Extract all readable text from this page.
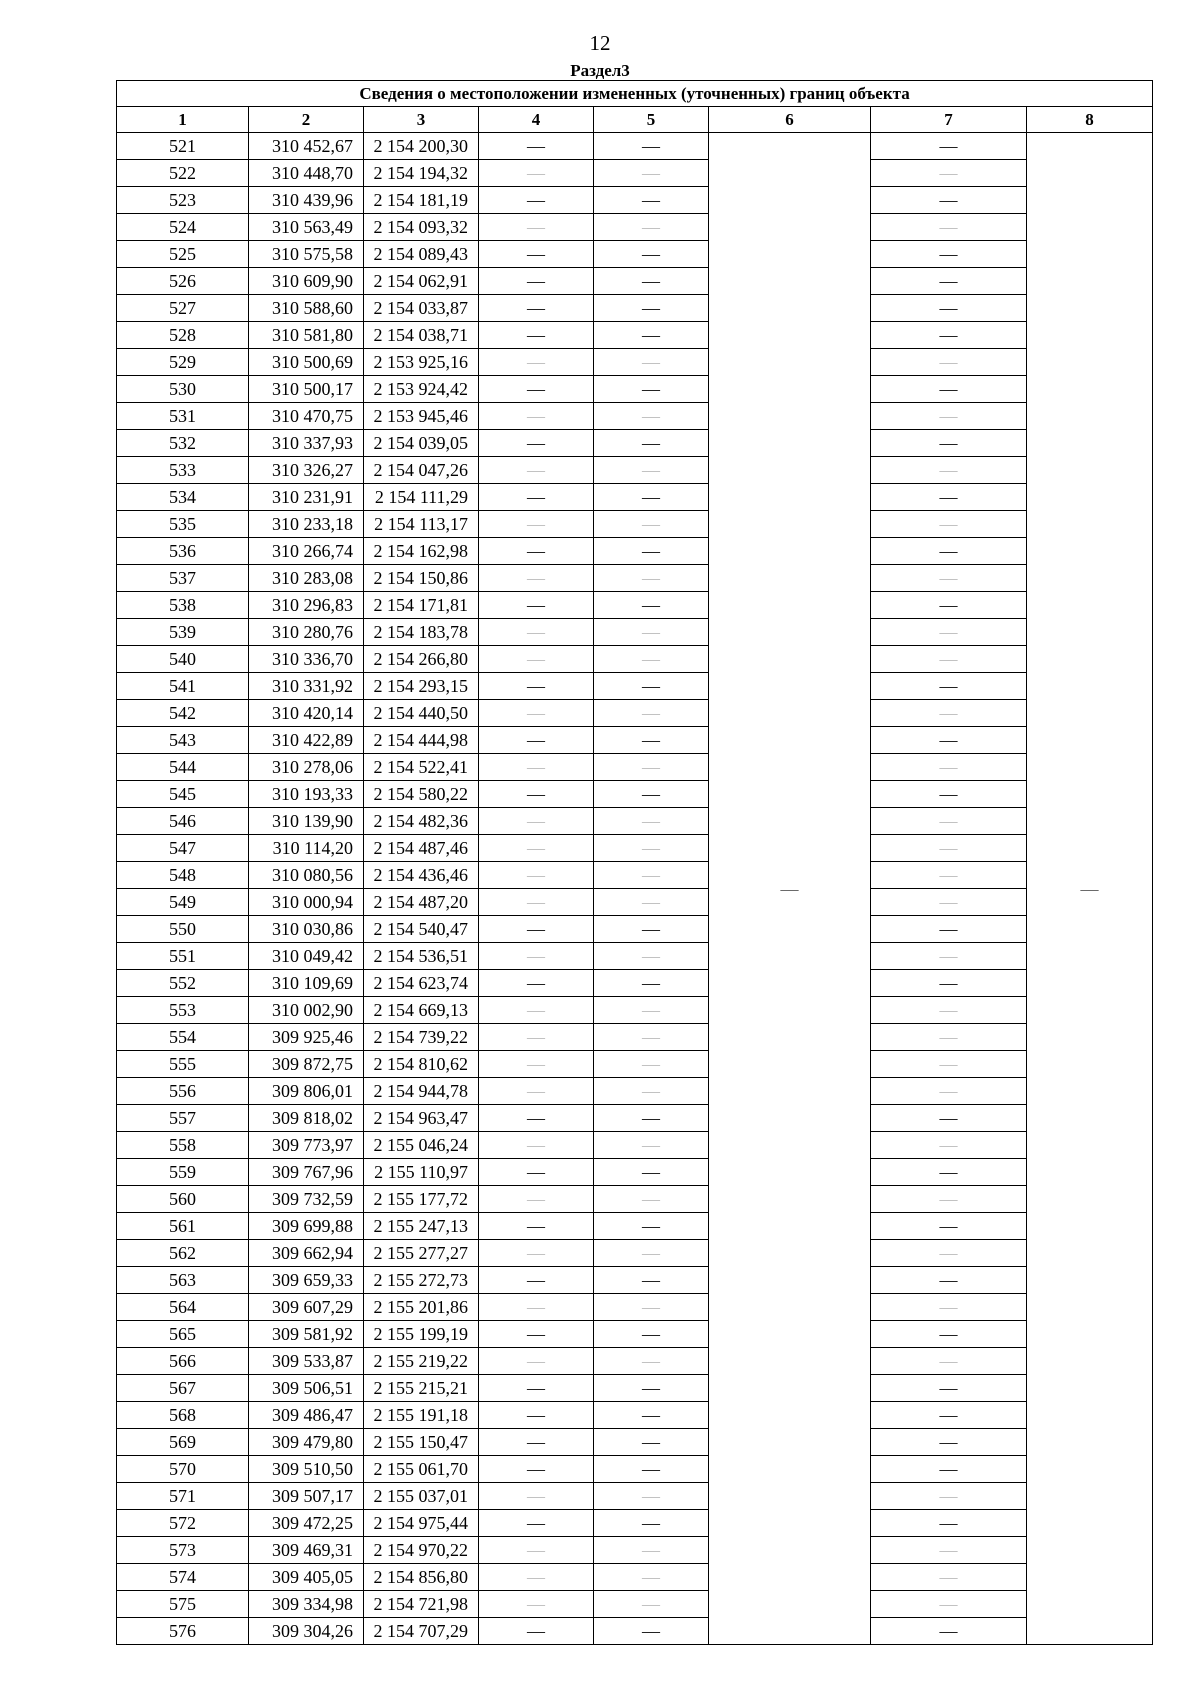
12
Раздел3
Сведения о местоположении измененных (уточненных) границ объекта							
1	2	3	4	5	6	7	8
521	310 452,67	2 154 200,30	—	—	—	—	—
522	310 448,70	2 154 194,32	—	—		—	
523	310 439,96	2 154 181,19	—	—		—	
524	310 563,49	2 154 093,32	—	—		—	
525	310 575,58	2 154 089,43	—	—		—	
526	310 609,90	2 154 062,91	—	—		—	
527	310 588,60	2 154 033,87	—	—		—	
528	310 581,80	2 154 038,71	—	—		—	
529	310 500,69	2 153 925,16	—	—		—	
530	310 500,17	2 153 924,42	—	—		—	
531	310 470,75	2 153 945,46	—	—		—	
532	310 337,93	2 154 039,05	—	—		—	
533	310 326,27	2 154 047,26	—	—		—	
534	310 231,91	2 154 111,29	—	—		—	
535	310 233,18	2 154 113,17	—	—		—	
536	310 266,74	2 154 162,98	—	—		—	
537	310 283,08	2 154 150,86	—	—		—	
538	310 296,83	2 154 171,81	—	—		—	
539	310 280,76	2 154 183,78	—	—		—	
540	310 336,70	2 154 266,80	—	—		—	
541	310 331,92	2 154 293,15	—	—		—	
542	310 420,14	2 154 440,50	—	—		—	
543	310 422,89	2 154 444,98	—	—		—	
544	310 278,06	2 154 522,41	—	—		—	
545	310 193,33	2 154 580,22	—	—		—	
546	310 139,90	2 154 482,36	—	—		—	
547	310 114,20	2 154 487,46	—	—		—	
548	310 080,56	2 154 436,46	—	—		—	
549	310 000,94	2 154 487,20	—	—		—	
550	310 030,86	2 154 540,47	—	—		—	
551	310 049,42	2 154 536,51	—	—		—	
552	310 109,69	2 154 623,74	—	—		—	
553	310 002,90	2 154 669,13	—	—		—	
554	309 925,46	2 154 739,22	—	—		—	
555	309 872,75	2 154 810,62	—	—		—	
556	309 806,01	2 154 944,78	—	—		—	
557	309 818,02	2 154 963,47	—	—		—	
558	309 773,97	2 155 046,24	—	—		—	
559	309 767,96	2 155 110,97	—	—		—	
560	309 732,59	2 155 177,72	—	—		—	
561	309 699,88	2 155 247,13	—	—		—	
562	309 662,94	2 155 277,27	—	—		—	
563	309 659,33	2 155 272,73	—	—		—	
564	309 607,29	2 155 201,86	—	—		—	
565	309 581,92	2 155 199,19	—	—		—	
566	309 533,87	2 155 219,22	—	—		—	
567	309 506,51	2 155 215,21	—	—		—	
568	309 486,47	2 155 191,18	—	—		—	
569	309 479,80	2 155 150,47	—	—		—	
570	309 510,50	2 155 061,70	—	—		—	
571	309 507,17	2 155 037,01	—	—		—	
572	309 472,25	2 154 975,44	—	—		—	
573	309 469,31	2 154 970,22	—	—		—	
574	309 405,05	2 154 856,80	—	—		—	
575	309 334,98	2 154 721,98	—	—		—	
576	309 304,26	2 154 707,29	—	—		—	
